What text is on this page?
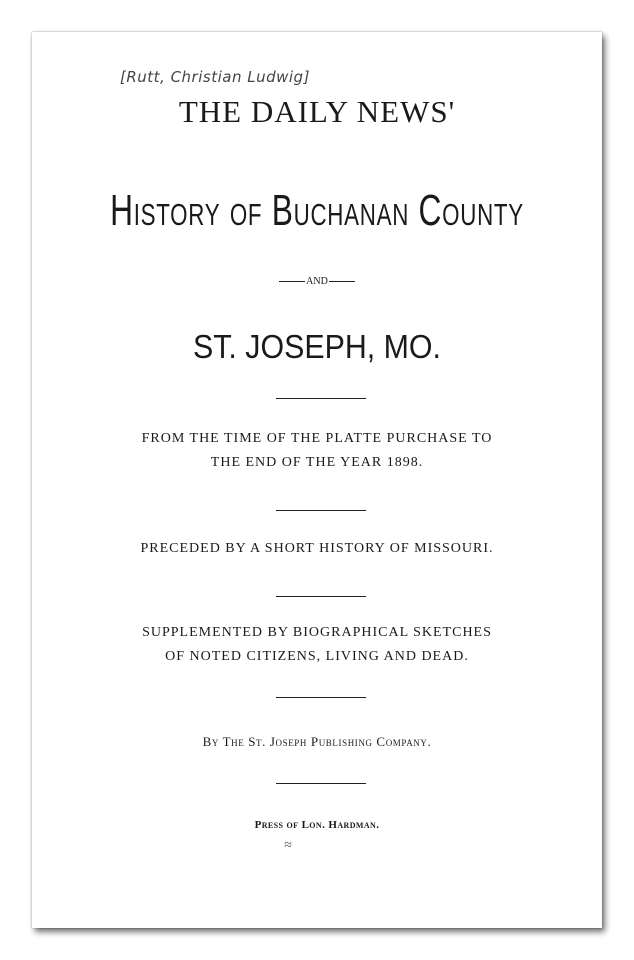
[Rutt, Christian Ludwig]
THE DAILY NEWS'
History of Buchanan County
AND
ST. JOSEPH, MO.
FROM THE TIME OF THE PLATTE PURCHASE TO
THE END OF THE YEAR 1898.
PRECEDED BY A SHORT HISTORY OF MISSOURI.
SUPPLEMENTED BY BIOGRAPHICAL SKETCHES
OF NOTED CITIZENS, LIVING AND DEAD.
By The St. Joseph Publishing Company.
Press of Lon. Hardman.
≈
